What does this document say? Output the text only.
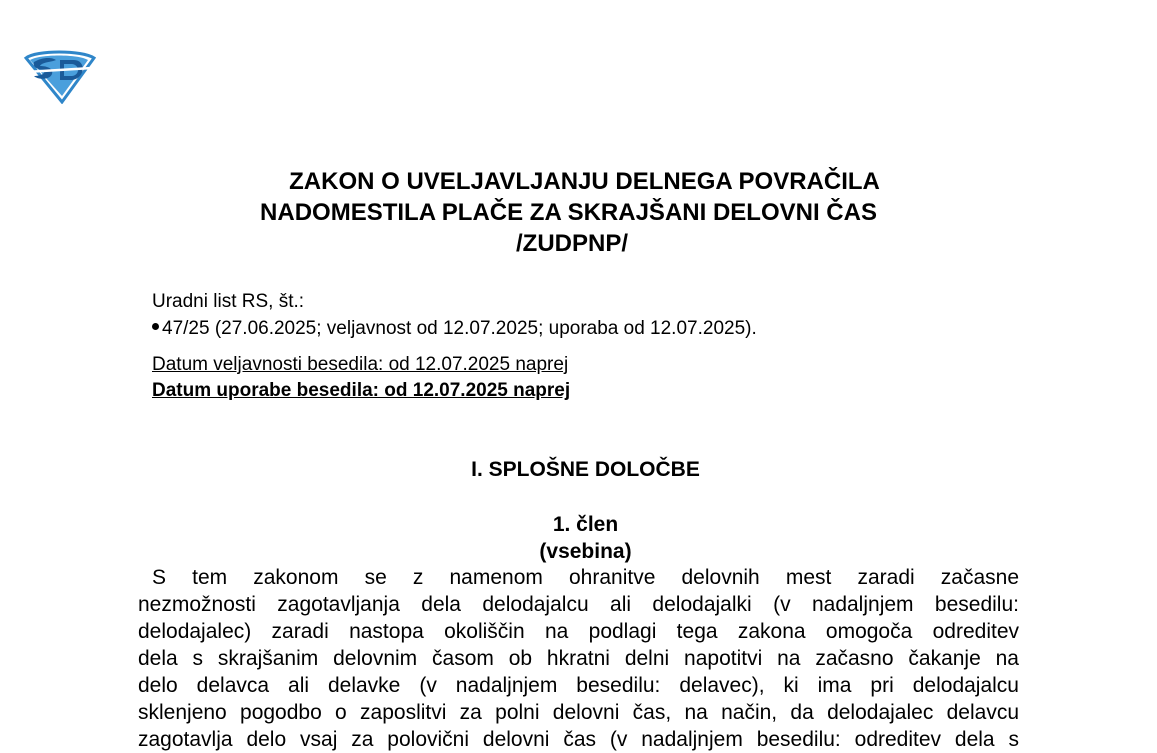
ZAKON O UVELJAVLJANJU DELNEGA POVRAČILA
NADOMESTILA PLAČE ZA SKRAJŠANI DELOVNI ČAS
/ZUDPNP/
Uradni list RS, št.:
47/25 (27.06.2025; veljavnost od 12.07.2025; uporaba od 12.07.2025).
Datum veljavnosti besedila: od 12.07.2025 naprej
Datum uporabe besedila: od 12.07.2025 naprej
I. SPLOŠNE DOLOČBE
1. člen
(vsebina)
S tem zakonom se z namenom ohranitve delovnih mest zaradi začasne
nezmožnosti zagotavljanja dela delodajalcu ali delodajalki (v nadaljnjem besedilu:
delodajalec) zaradi nastopa okoliščin na podlagi tega zakona omogoča odreditev
dela s skrajšanim delovnim časom ob hkratni delni napotitvi na začasno čakanje na
delo delavca ali delavke (v nadaljnjem besedilu: delavec), ki ima pri delodajalcu
sklenjeno pogodbo o zaposlitvi za polni delovni čas, na način, da delodajalec delavcu
zagotavlja delo vsaj za polovični delovni čas (v nadaljnjem besedilu: odreditev dela s
